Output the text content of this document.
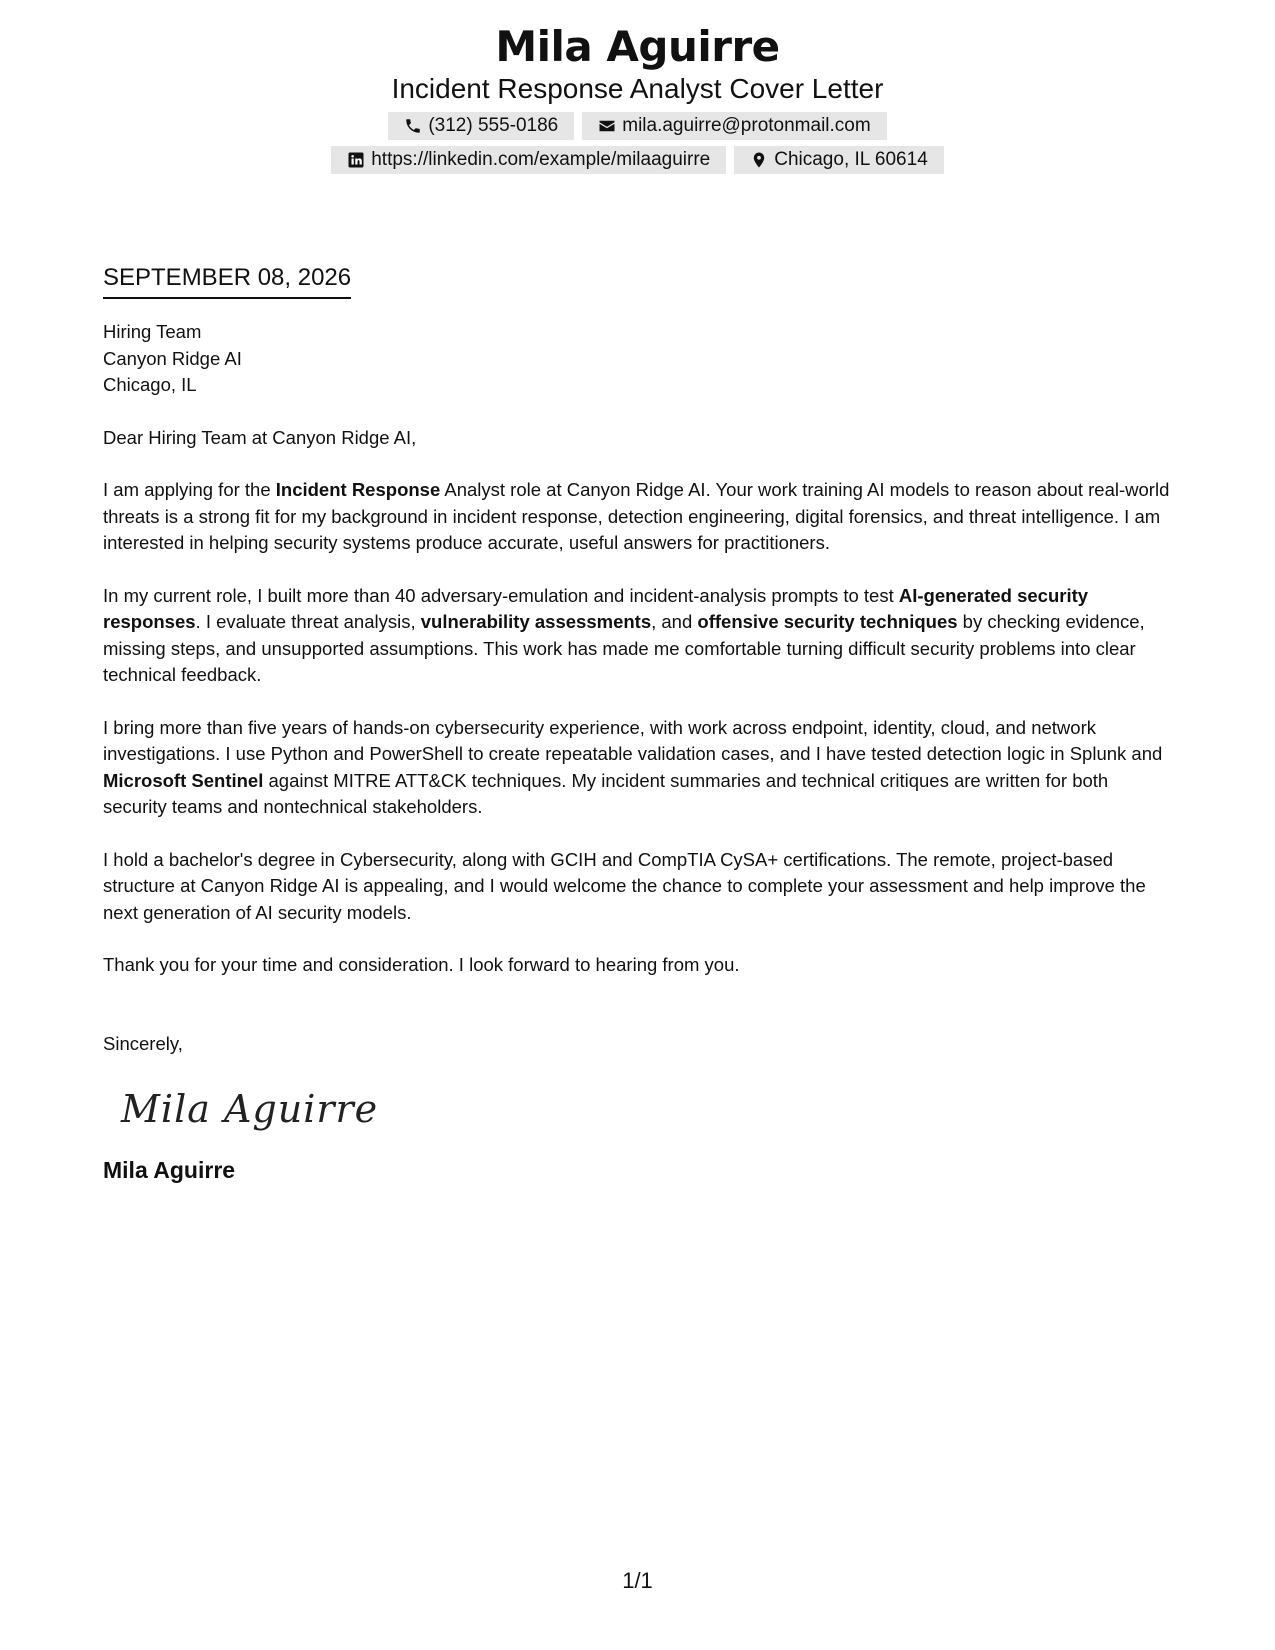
Mila Aguirre
Incident Response Analyst Cover Letter
(312) 555-0186	mila.aguirre@protonmail.com
https://linkedin.com/example/milaaguirre	Chicago, IL 60614
SEPTEMBER 08, 2026

Hiring Team

Canyon Ridge AI

Chicago, IL

Dear Hiring Team at Canyon Ridge AI,

I am applying for the Incident Response Analyst role at Canyon Ridge AI. Your work training AI models to reason about real-world threats is a strong fit for my background in incident response, detection engineering, digital forensics, and threat intelligence. I am interested in helping security systems produce accurate, useful answers for practitioners.

In my current role, I built more than 40 adversary-emulation and incident-analysis prompts to test AI-generated security responses. I evaluate threat analysis, vulnerability assessments, and offensive security techniques by checking evidence, missing steps, and unsupported assumptions. This work has made me comfortable turning difficult security problems into clear technical feedback.

I bring more than five years of hands-on cybersecurity experience, with work across endpoint, identity, cloud, and network investigations. I use Python and PowerShell to create repeatable validation cases, and I have tested detection logic in Splunk and Microsoft Sentinel against MITRE ATT&CK techniques. My incident summaries and technical critiques are written for both security teams and nontechnical stakeholders.

I hold a bachelor's degree in Cybersecurity, along with GCIH and CompTIA CySA+ certifications. The remote, project-based structure at Canyon Ridge AI is appealing, and I would welcome the chance to complete your assessment and help improve the next generation of AI security models.

Thank you for your time and consideration. I look forward to hearing from you.

Sincerely,

Mila Aguirre
Mila Aguirre
1/1
